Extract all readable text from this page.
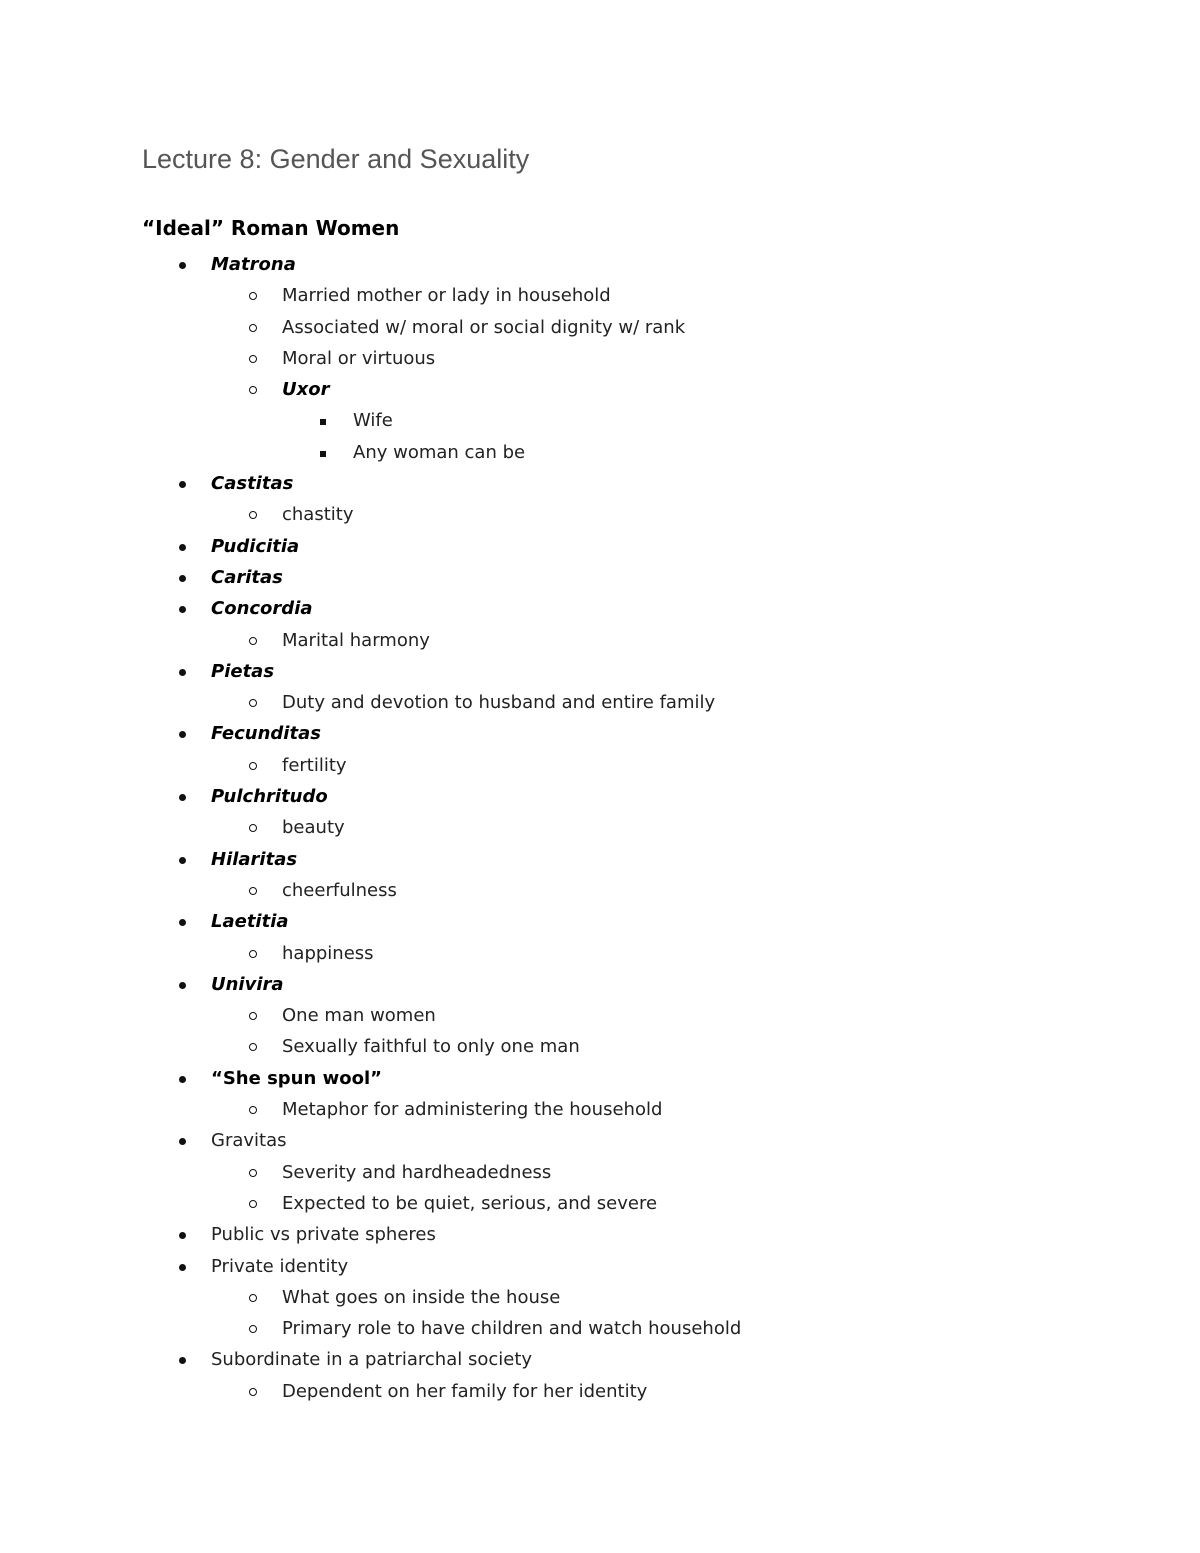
Lecture 8: Gender and Sexuality
“Ideal” Roman Women
Matrona
Married mother or lady in household
Associated w/ moral or social dignity w/ rank
Moral or virtuous
Uxor
Wife
Any woman can be
Castitas
chastity
Pudicitia
Caritas
Concordia
Marital harmony
Pietas
Duty and devotion to husband and entire family
Fecunditas
fertility
Pulchritudo
beauty
Hilaritas
cheerfulness
Laetitia
happiness
Univira
One man women
Sexually faithful to only one man
“She spun wool”
Metaphor for administering the household
Gravitas
Severity and hardheadedness
Expected to be quiet, serious, and severe
Public vs private spheres
Private identity
What goes on inside the house
Primary role to have children and watch household
Subordinate in a patriarchal society
Dependent on her family for her identity
